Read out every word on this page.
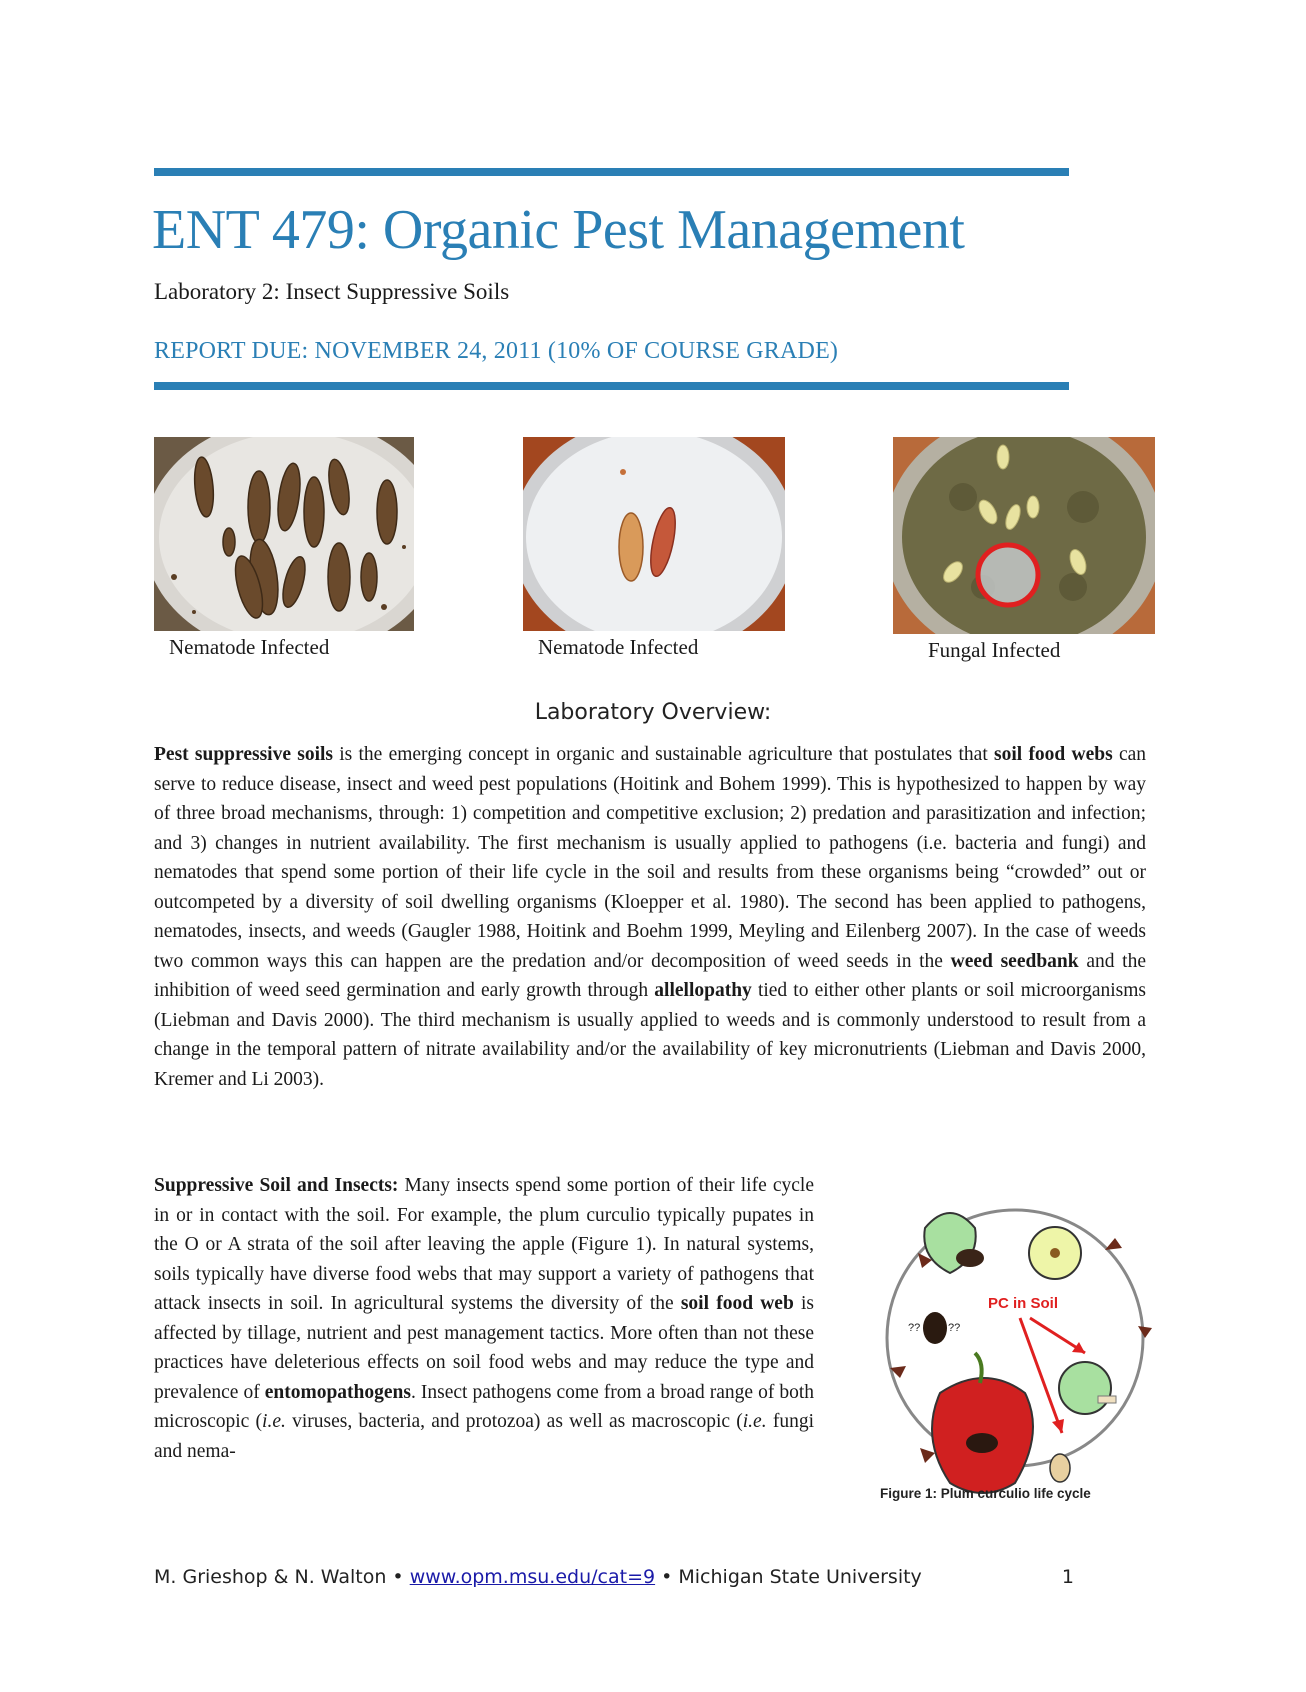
ENT 479: Organic Pest Management
Laboratory 2: Insect Suppressive Soils
REPORT DUE: NOVEMBER 24, 2011 (10% OF COURSE GRADE)
Nematode Infected	Nematode Infected	Fungal Infected
Laboratory Overview:
Pest suppressive soils is the emerging concept in organic and sustainable agriculture that postulates that soil food webs can serve to reduce disease, insect and weed pest populations (Hoitink and Bohem 1999). This is hypothesized to happen by way of three broad mechanisms, through: 1) competition and competitive exclusion; 2) predation and parasitization and infection; and 3) changes in nutrient availability. The first mechanism is usually applied to pathogens (i.e. bacteria and fungi) and nematodes that spend some portion of their life cycle in the soil and results from these organisms being “crowded” out or outcompeted by a diversity of soil dwelling organisms (Kloepper et al. 1980). The second has been applied to pathogens, nematodes, insects, and weeds (Gaugler 1988, Hoitink and Boehm 1999, Meyling and Eilenberg 2007). In the case of weeds two common ways this can happen are the predation and/or decomposition of weed seeds in the weed seedbank and the inhibition of weed seed germination and early growth through allellopathy tied to either other plants or soil microorganisms (Liebman and Davis 2000). The third mechanism is usually applied to weeds and is commonly understood to result from a change in the temporal pattern of nitrate availability and/or the availability of key micronutrients (Liebman and Davis 2000, Kremer and Li 2003).
Suppressive Soil and Insects: Many insects spend some portion of their life cycle in or in contact with the soil. For example, the plum curculio typically pupates in the O or A strata of the soil after leaving the apple (Figure 1). In natural systems, soils typically have diverse food webs that may support a variety of pathogens that attack insects in soil. In agricultural systems the diversity of the soil food web is affected by tillage, nutrient and pest management tactics. More often than not these practices have deleterious effects on soil food webs and may reduce the type and prevalence of entomopathogens. Insect pathogens come from a broad range of both microscopic (i.e. viruses, bacteria, and protozoa) as well as macroscopic (i.e. fungi and nema-
??	??
PC in Soil
Figure 1: Plum curculio life cycle
M. Grieshop & N. Walton • www.opm.msu.edu/cat=9 • Michigan State University	1
